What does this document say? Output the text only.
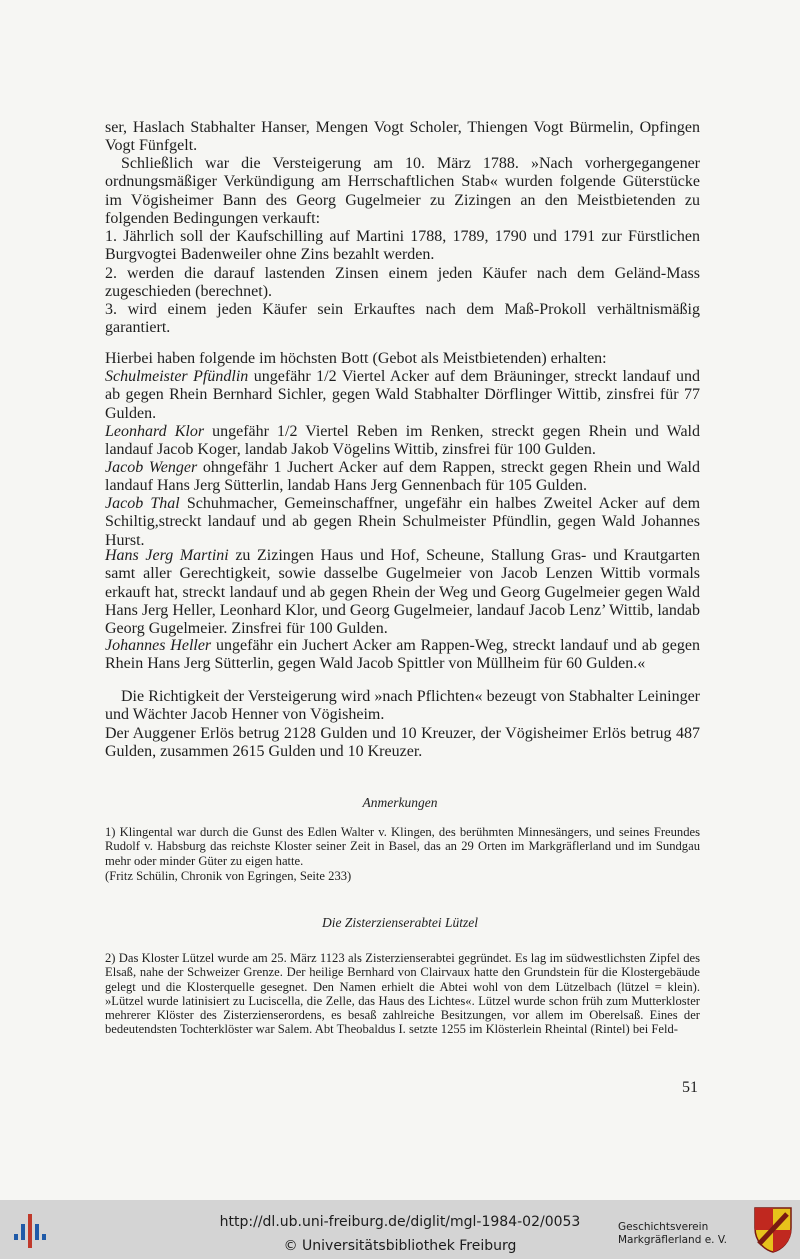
ser, Haslach Stabhalter Hanser, Mengen Vogt Scholer, Thiengen Vogt Bürmelin, Opfingen Vogt Fünfgelt.

Schließlich war die Versteigerung am 10. März 1788. »Nach vorhergegangener ordnungsmäßiger Verkündigung am Herrschaftlichen Stab« wurden folgende Güterstücke im Vögisheimer Bann des Georg Gugelmeier zu Zizingen an den Meistbietenden zu folgenden Bedingungen verkauft:

1. Jährlich soll der Kaufschilling auf Martini 1788, 1789, 1790 und 1791 zur Fürstlichen Burgvogtei Badenweiler ohne Zins bezahlt werden.

2. werden die darauf lastenden Zinsen einem jeden Käufer nach dem Geländ-Mass zugeschieden (berechnet).

3. wird einem jeden Käufer sein Erkauftes nach dem Maß-Prokoll verhältnismäßig garantiert.

Hierbei haben folgende im höchsten Bott (Gebot als Meistbietenden) erhalten:

Schulmeister Pfündlin ungefähr 1/2 Viertel Acker auf dem Bräuninger, streckt landauf und ab gegen Rhein Bernhard Sichler, gegen Wald Stabhalter Dörflinger Wittib, zinsfrei für 77 Gulden.

Leonhard Klor ungefähr 1/2 Viertel Reben im Renken, streckt gegen Rhein und Wald landauf Jacob Koger, landab Jakob Vögelins Wittib, zinsfrei für 100 Gulden.

Jacob Wenger ohngefähr 1 Juchert Acker auf dem Rappen, streckt gegen Rhein und Wald landauf Hans Jerg Sütterlin, landab Hans Jerg Gennenbach für 105 Gulden.

Jacob Thal Schuhmacher, Gemeinschaffner, ungefähr ein halbes Zweitel Acker auf dem Schiltig,streckt landauf und ab gegen Rhein Schulmeister Pfündlin, gegen Wald Johannes Hurst.

Hans Jerg Martini zu Zizingen Haus und Hof, Scheune, Stallung Gras- und Krautgarten samt aller Gerechtigkeit, sowie dasselbe Gugelmeier von Jacob Lenzen Wittib vormals erkauft hat, streckt landauf und ab gegen Rhein der Weg und Georg Gugelmeier gegen Wald Hans Jerg Heller, Leonhard Klor, und Georg Gugelmeier, landauf Jacob Lenz’ Wittib, landab Georg Gugelmeier. Zinsfrei für 100 Gulden.

Johannes Heller ungefähr ein Juchert Acker am Rappen-Weg, streckt landauf und ab gegen Rhein Hans Jerg Sütterlin, gegen Wald Jacob Spittler von Müllheim für 60 Gulden.«

Die Richtigkeit der Versteigerung wird »nach Pflichten« bezeugt von Stabhalter Leininger und Wächter Jacob Henner von Vögisheim.

Der Auggener Erlös betrug 2128 Gulden und 10 Kreuzer, der Vögisheimer Erlös betrug 487 Gulden, zusammen 2615 Gulden und 10 Kreuzer.

Anmerkungen

1) Klingental war durch die Gunst des Edlen Walter v. Klingen, des berühmten Minnesängers, und seines Freundes Rudolf v. Habsburg das reichste Kloster seiner Zeit in Basel, das an 29 Orten im Markgräflerland und im Sundgau mehr oder minder Güter zu eigen hatte.

(Fritz Schülin, Chronik von Egringen, Seite 233)

Die Zisterzienserabtei Lützel

2) Das Kloster Lützel wurde am 25. März 1123 als Zisterzienserabtei gegründet. Es lag im südwestlichsten Zipfel des Elsaß, nahe der Schweizer Grenze. Der heilige Bernhard von Clairvaux hatte den Grundstein für die Klostergebäude gelegt und die Klosterquelle gesegnet. Den Namen erhielt die Abtei wohl von dem Lützelbach (lützel = klein). »Lützel wurde latinisiert zu Luciscella, die Zelle, das Haus des Lichtes«. Lützel wurde schon früh zum Mutterkloster mehrerer Klöster des Zisterzienserordens, es besaß zahlreiche Besitzungen, vor allem im Oberelsaß. Eines der bedeutendsten Tochterklöster war Salem. Abt Theobaldus I. setzte 1255 im Klösterlein Rheintal (Rintel) bei Feld-

51
http://dl.ub.uni-freiburg.de/diglit/mgl-1984-02/0053
© Universitätsbibliothek Freiburg
Geschichtsverein
Markgräflerland e. V.
